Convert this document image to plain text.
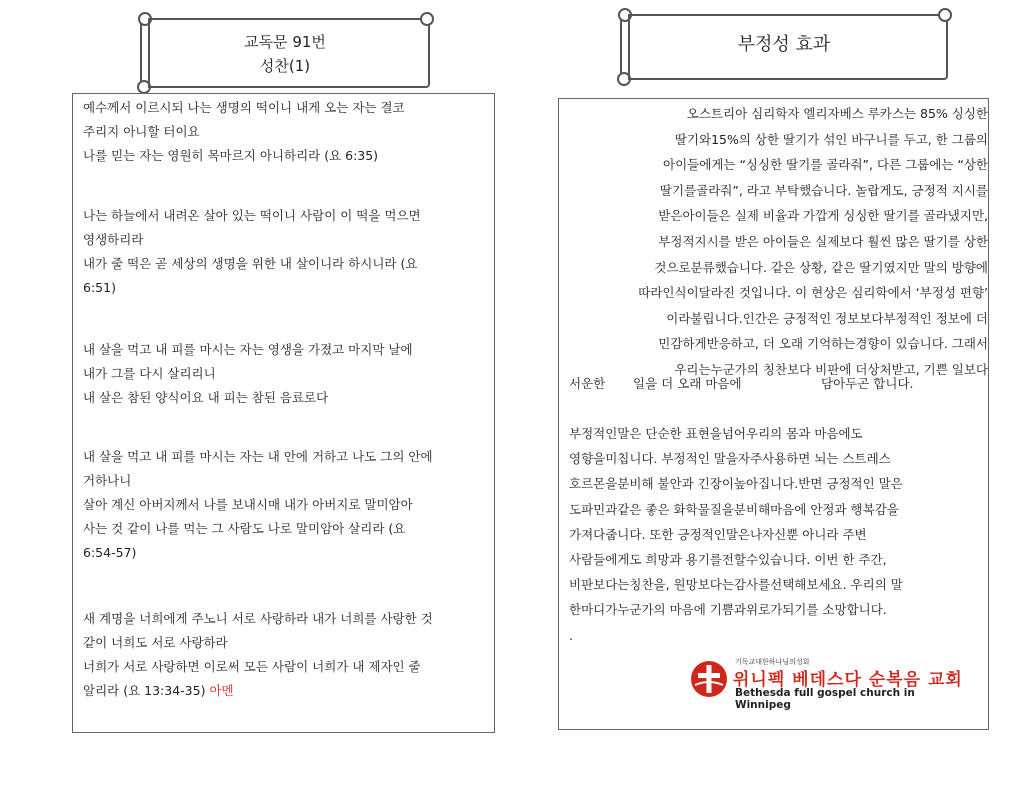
교독문 91번
성찬(1)
부정성 효과
예수께서 이르시되 나는 생명의 떡이니 내게 오는 자는 결코
주리지 아니할 터이요
나를 믿는 자는 영원히 목마르지 아니하리라 (요 6:35)
나는 하늘에서 내려온 살아 있는 떡이니 사람이 이 떡을 먹으면
영생하리라
내가 줄 떡은 곧 세상의 생명을 위한 내 살이니라 하시니라 (요
6:51)
내 살을 먹고 내 피를 마시는 자는 영생을 가졌고 마지막 날에
내가 그를 다시 살리리니
내 살은 참된 양식이요 내 피는 참된 음료로다
내 살을 먹고 내 피를 마시는 자는 내 안에 거하고 나도 그의 안에
거하나니
살아 계신 아버지께서 나를 보내시매 내가 아버지로 말미암아
사는 것 같이 나를 먹는 그 사람도 나로 말미암아 살리라 (요
6:54-57)
새 계명을 너희에게 주노니 서로 사랑하라 내가 너희를 사랑한 것
같이 너희도 서로 사랑하라
너희가 서로 사랑하면 이로써 모든 사람이 너희가 내 제자인 줄
알리라 (요 13:34-35) 아멘
오스트리아 심리학자 엘리자베스 루카스는 85% 싱싱한
딸기와15%의 상한 딸기가 섞인 바구니를 두고, 한 그룹의
아이들에게는 “싱싱한 딸기를 골라줘”, 다른 그룹에는 “상한
딸기를골라줘”, 라고 부탁했습니다. 놀랍게도, 긍정적 지시를
받은아이들은 실제 비율과 가깝게 싱싱한 딸기를 골라냈지만,
부정적지시를 받은 아이들은 실제보다 훨씬 많은 딸기를 상한
것으로분류했습니다. 같은 상황, 같은 딸기였지만 말의 방향에
따라인식이달라진 것입니다. 이 현상은 심리학에서 ‘부정성 편향’
이라불립니다.인간은 긍정적인 정보보다부정적인 정보에 더
민감하게반응하고, 더 오래 기억하는경향이 있습니다. 그래서
우리는누군가의 칭찬보다 비판에 더상처받고, 기쁜 일보다
서운한       일을 더 오래 마음에                    담아두곤 합니다.
부정적인말은 단순한 표현을넘어우리의 몸과 마음에도
영향을미칩니다. 부정적인 말을자주사용하면 뇌는 스트레스
호르몬을분비해 불안과 긴장이높아집니다.반면 긍정적인 말은
도파민과같은 좋은 화학물질을분비해마음에 안정과 행복감을
가져다줍니다. 또한 긍정적인말은나자신뿐 아니라 주변
사람들에게도 희망과 용기를전할수있습니다. 이번 한 주간,
비판보다는칭찬을, 원망보다는감사를선택해보세요. 우리의 말
한마디가누군가의 마음에 기쁨과위로가되기를 소망합니다.
.
기독교대한하나님의성회
위니펙 베데스다 순복음 교회
Bethesda full gospel church in Winnipeg
